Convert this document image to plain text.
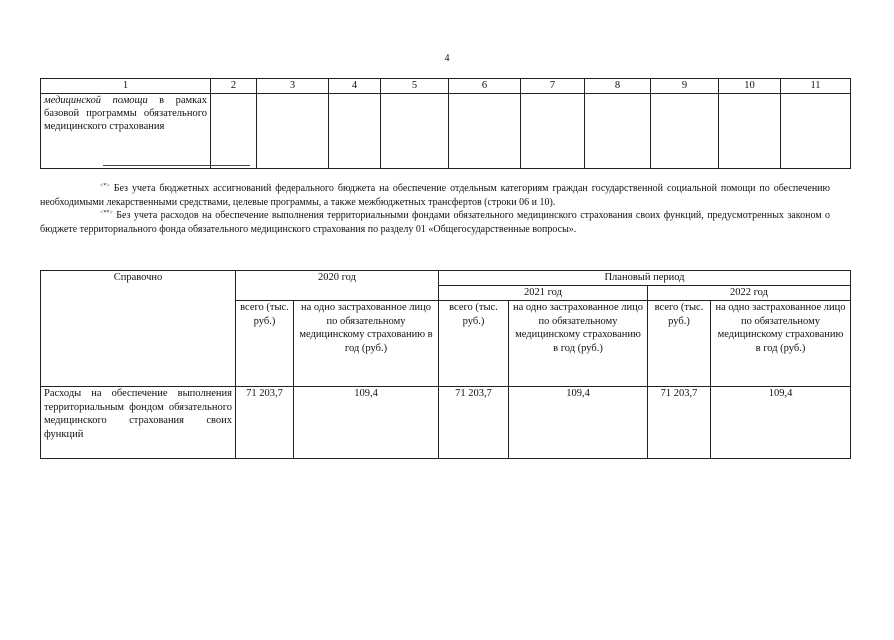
4
1	2	3	4	5	6	7	8	9	10	11
медицинской помощи в рамках базовой программы обязательного медицинского страхования										
<*> Без учета бюджетных ассигнований федерального бюджета на обеспечение отдельным категориям граждан государственной социальной помощи по обеспечению необходимыми лекарственными средствами, целевые программы, а также межбюджетных трансфертов (строки 06 и 10).
<**> Без учета расходов на обеспечение выполнения территориальными фондами обязательного медицинского страхования своих функций, предусмотренных законом о бюджете территориального фонда обязательного медицинского страхования по разделу 01 «Общегосударственные вопросы».
Справочно	2020 год		Плановый период			
			2021 год		2022 год	
	всего (тыс. руб.)	на одно застрахованное лицо по обязательному медицинскому страхованию в год (руб.)	всего (тыс. руб.)	на одно застрахованное лицо по обязательному медицинскому страхованию в год (руб.)	всего (тыс. руб.)	на одно застрахованное лицо по обязательному медицинскому страхованию в год (руб.)
Расходы на обеспечение выполнения территориальным фондом обязательного медицинского страхования своих функций	71 203,7	109,4	71 203,7	109,4	71 203,7	109,4
